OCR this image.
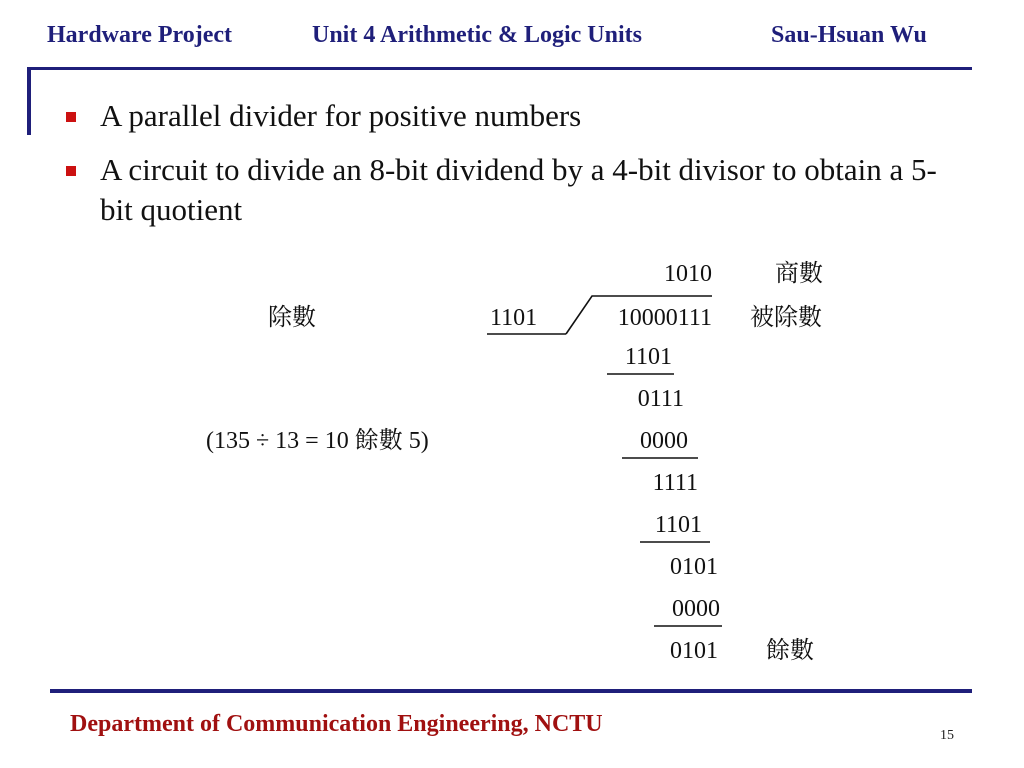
Hardware Project	Unit 4 Arithmetic & Logic Units	Sau-Hsuan Wu
A parallel divider for positive numbers
A circuit to divide an 8-bit dividend by a 4-bit divisor to obtain a 5-bit quotient
1010	商數
除數	1101	10000111 被除數
(135 ÷ 13 = 10 餘數 5)
1101
0111
0000
1111
1101
0101
0000
0101 餘數
Department of Communication Engineering, NCTU	15
